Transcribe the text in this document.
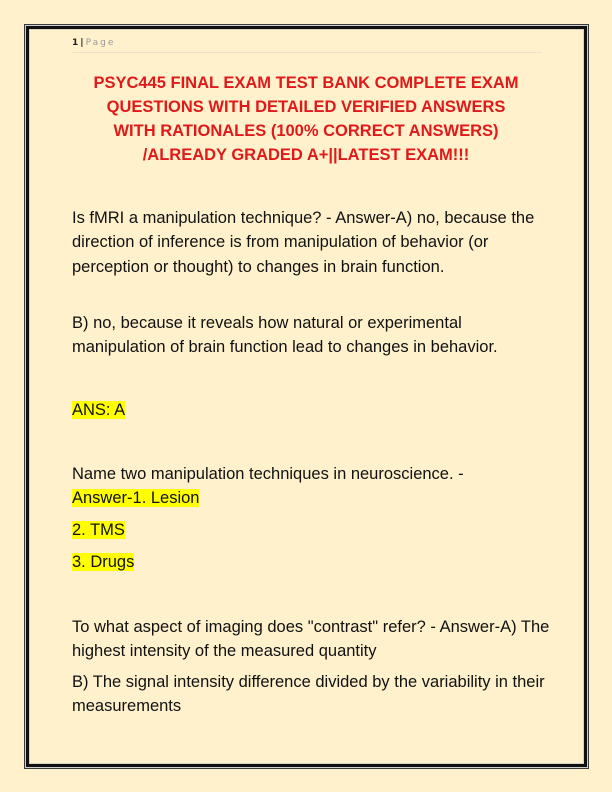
1 | Page
PSYC445 FINAL EXAM TEST BANK COMPLETE EXAM
QUESTIONS WITH DETAILED VERIFIED ANSWERS
WITH RATIONALES (100% CORRECT ANSWERS)
/ALREADY GRADED A+||LATEST EXAM!!!

Is fMRI a manipulation technique? - Answer-A) no, because the direction of inference is from manipulation of behavior (or perception or thought) to changes in brain function.

B) no, because it reveals how natural or experimental manipulation of brain function lead to changes in behavior.

ANS: A

Name two manipulation techniques in neuroscience. -

Answer-1. Lesion

2. TMS
3. Drugs

To what aspect of imaging does "contrast" refer? - Answer-A) The highest intensity of the measured quantity

B) The signal intensity difference divided by the variability in their measurements
